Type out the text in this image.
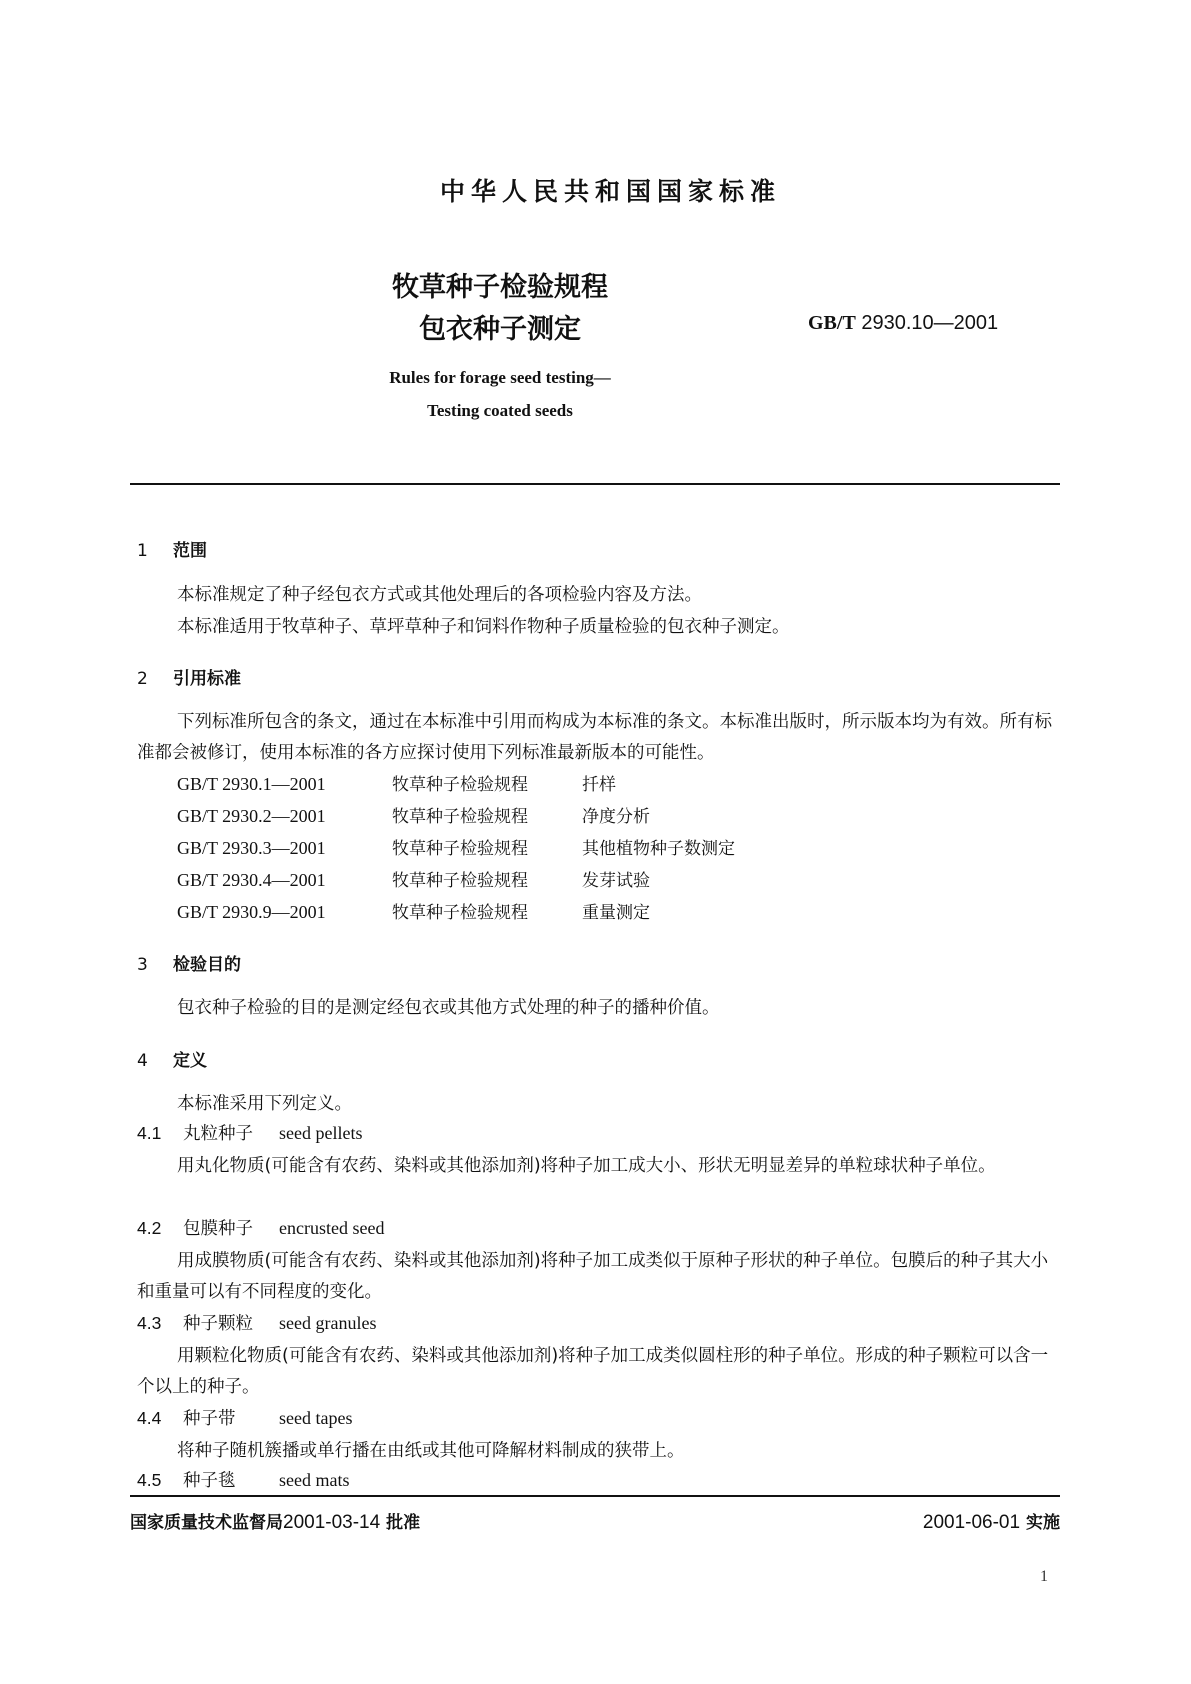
中华人民共和国国家标准
牧草种子检验规程
包衣种子测定	GB/T 2930.10—2001
Rules for forage seed testing—
Testing coated seeds
1 范围
本标准规定了种子经包衣方式或其他处理后的各项检验内容及方法。
本标准适用于牧草种子、草坪草种子和饲料作物种子质量检验的包衣种子测定。
2 引用标准
下列标准所包含的条文，通过在本标准中引用而构成为本标准的条文。本标准出版时，所示版本均为有效。所有标准都会被修订，使用本标准的各方应探讨使用下列标准最新版本的可能性。
GB/T 2930.1—2001	牧草种子检验规程	扦样
GB/T 2930.2—2001	牧草种子检验规程	净度分析
GB/T 2930.3—2001	牧草种子检验规程	其他植物种子数测定
GB/T 2930.4—2001	牧草种子检验规程	发芽试验
GB/T 2930.9—2001	牧草种子检验规程	重量测定
3 检验目的
包衣种子检验的目的是测定经包衣或其他方式处理的种子的播种价值。
4 定义
本标准采用下列定义。
4.1 丸粒种子 seed pellets
用丸化物质(可能含有农药、染料或其他添加剂)将种子加工成大小、形状无明显差异的单粒球状种子单位。
4.2 包膜种子 encrusted seed
用成膜物质(可能含有农药、染料或其他添加剂)将种子加工成类似于原种子形状的种子单位。包膜后的种子其大小和重量可以有不同程度的变化。
4.3 种子颗粒 seed granules
用颗粒化物质(可能含有农药、染料或其他添加剂)将种子加工成类似圆柱形的种子单位。形成的种子颗粒可以含一个以上的种子。
4.4 种子带 seed tapes
将种子随机簇播或单行播在由纸或其他可降解材料制成的狭带上。
4.5 种子毯 seed mats
国家质量技术监督局2001-03-14 批准	2001-06-01 实施
1
